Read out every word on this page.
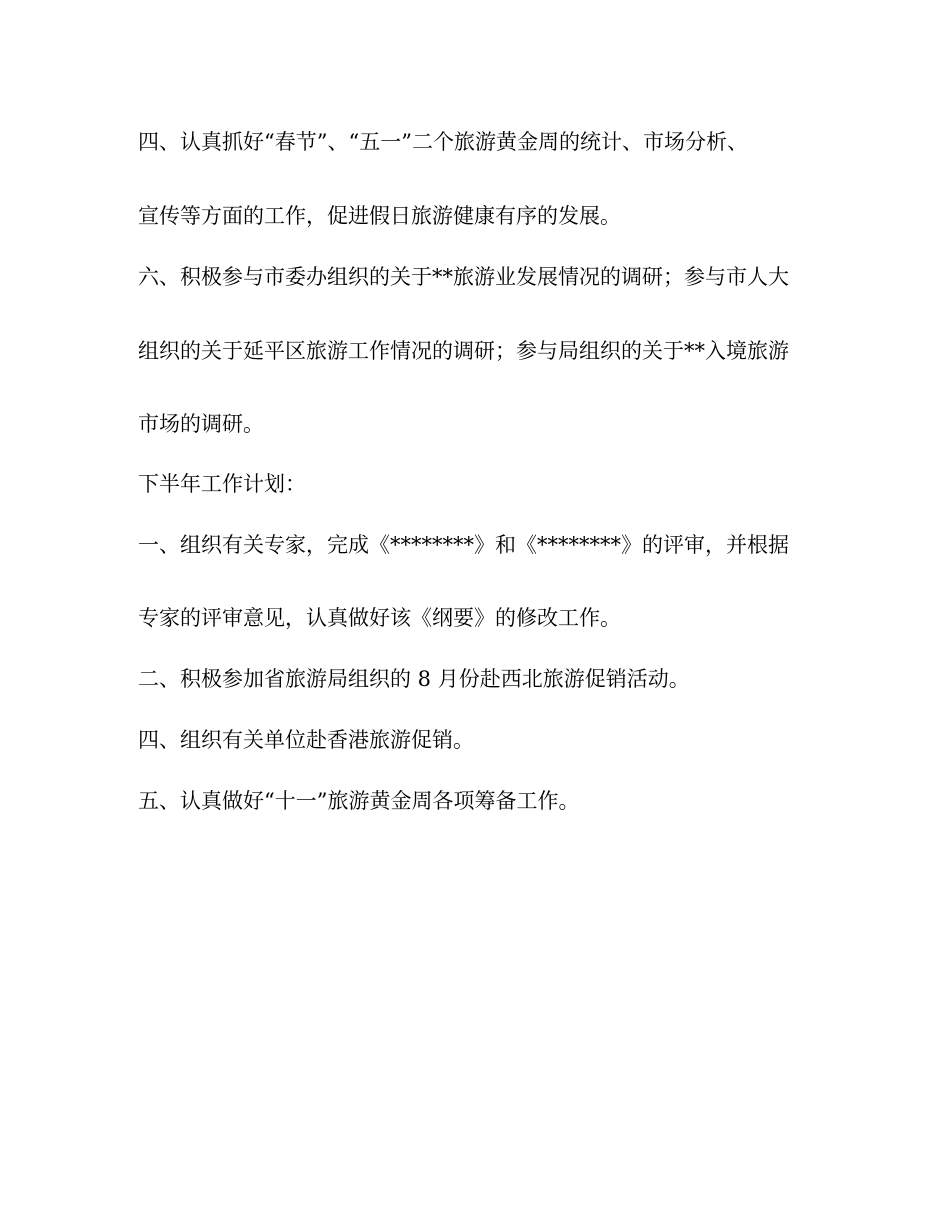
四、认真抓好“春节”、“五一”二个旅游黄金周的统计、市场分析、
宣传等方面的工作，促进假日旅游健康有序的发展。
六、积极参与市委办组织的关于**旅游业发展情况的调研；参与市人大
组织的关于延平区旅游工作情况的调研；参与局组织的关于**入境旅游
市场的调研。
下半年工作计划：
一、组织有关专家，完成《********》和《********》的评审，并根据
专家的评审意见，认真做好该《纲要》的修改工作。
二、积极参加省旅游局组织的 8 月份赴西北旅游促销活动。
四、组织有关单位赴香港旅游促销。
五、认真做好“十一”旅游黄金周各项筹备工作。
